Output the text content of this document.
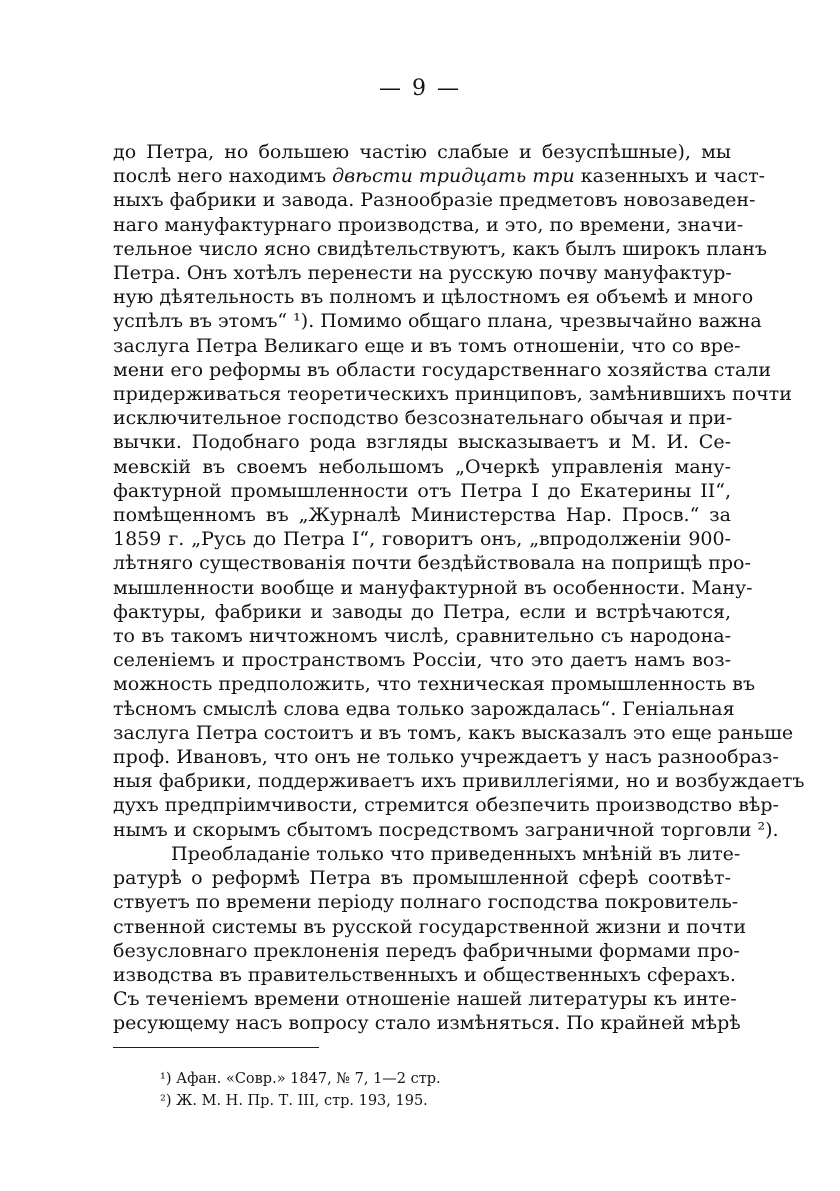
— 9 —
до Петра, но большею частію слабые и безуспѣшные), мы
послѣ него находимъ двѣсти тридцать три казенныхъ и част-
ныхъ фабрики и завода. Разнообразіе предметовъ новозаведен-
наго мануфактурнаго производства, и это, по времени, значи-
тельное число ясно свидѣтельствуютъ, какъ былъ широкъ планъ
Петра. Онъ хотѣлъ перенести на русскую почву мануфактур-
ную дѣятельность въ полномъ и цѣлостномъ ея объемѣ и много
успѣлъ въ этомъ“ ¹). Помимо общаго плана, чрезвычайно важна
заслуга Петра Великаго еще и въ томъ отношеніи, что со вре-
мени его реформы въ области государственнаго хозяйства стали
придерживаться теоретическихъ принциповъ, замѣнившихъ почти
исключительное господство безсознательнаго обычая и при-
вычки. Подобнаго рода взгляды высказываетъ и М. И. Се-
мевскій въ своемъ небольшомъ „Очеркѣ управленія ману-
фактурной промышленности отъ Петра I до Екатерины II“,
помѣщенномъ въ „Журналѣ Министерства Нар. Просв.“ за
1859 г. „Русь до Петра I“, говоритъ онъ, „впродолженіи 900-
лѣтняго существованія почти бездѣйствовала на поприщѣ про-
мышленности вообще и мануфактурной въ особенности. Ману-
фактуры, фабрики и заводы до Петра, если и встрѣчаются,
то въ такомъ ничтожномъ числѣ, сравнительно съ народона-
селеніемъ и пространствомъ Россіи, что это даетъ намъ воз-
можность предположить, что техническая промышленность въ
тѣсномъ смыслѣ слова едва только зарождалась“. Геніальная
заслуга Петра состоитъ и въ томъ, какъ высказалъ это еще раньше
проф. Ивановъ, что онъ не только учреждаетъ у насъ разнообраз-
ныя фабрики, поддерживаетъ ихъ привиллегіями, но и возбуждаетъ
духъ предпріимчивости, стремится обезпечить производство вѣр-
нымъ и скорымъ сбытомъ посредствомъ заграничной торговли ²).
Преобладаніе только что приведенныхъ мнѣній въ лите-
ратурѣ о реформѣ Петра въ промышленной сферѣ соотвѣт-
ствуетъ по времени періоду полнаго господства покровитель-
ственной системы въ русской государственной жизни и почти
безусловнаго преклоненія передъ фабричными формами про-
изводства въ правительственныхъ и общественныхъ сферахъ.
Съ теченіемъ времени отношеніе нашей литературы къ инте-
ресующему насъ вопросу стало измѣняться. По крайней мѣрѣ
¹) Афан. «Совр.» 1847, № 7, 1—2 стр.
²) Ж. М. Н. Пр. Т. III, стр. 193, 195.
